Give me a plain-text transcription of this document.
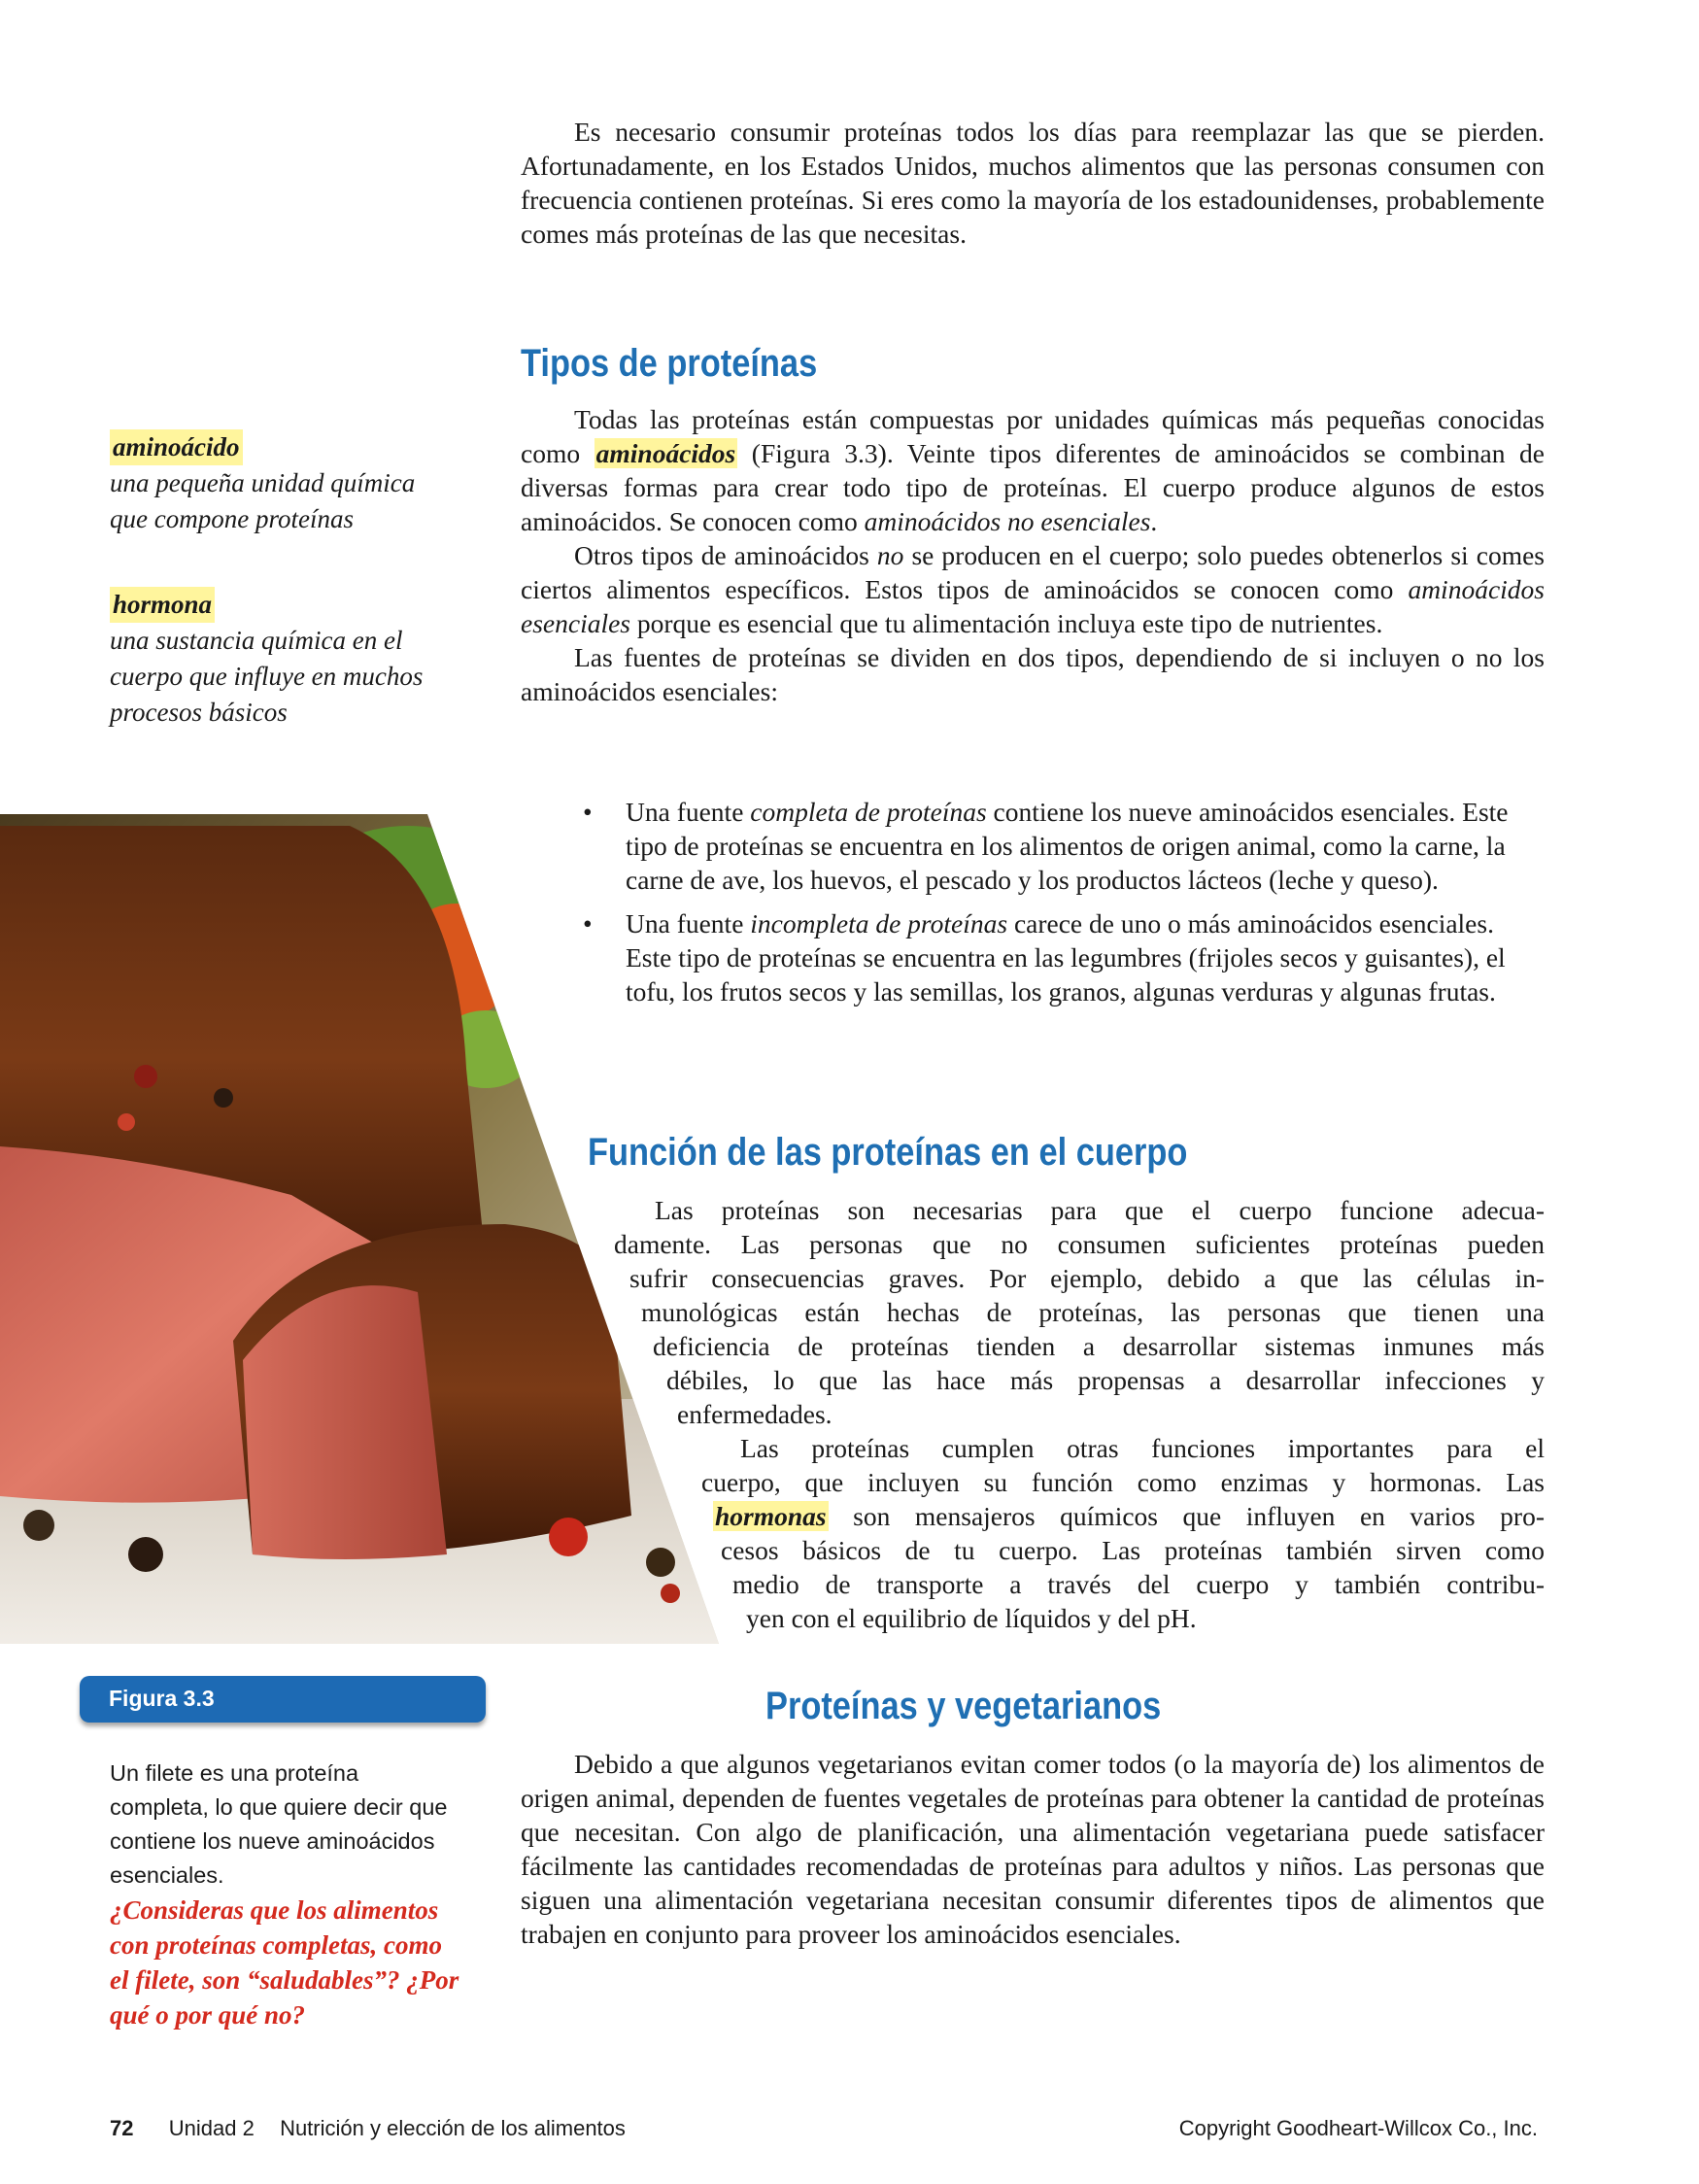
Es necesario consumir proteínas todos los días para reemplazar las que se pierden. Afortunadamente, en los Estados Unidos, muchos alimentos que las personas consumen con frecuencia contienen proteínas. Si eres como la mayoría de los estadounidenses, probablemente comes más proteínas de las que necesitas.

Tipos de proteínas

Todas las proteínas están compuestas por unidades químicas más pequeñas conocidas como aminoácidos (Figura 3.3). Veinte tipos diferentes de aminoácidos se combinan de diversas formas para crear todo tipo de proteínas. El cuerpo produce algunos de estos aminoácidos. Se conocen como aminoácidos no esenciales.

Otros tipos de aminoácidos no se producen en el cuerpo; solo puedes obtenerlos si comes ciertos alimentos específicos. Estos tipos de aminoácidos se conocen como aminoácidos esenciales porque es esencial que tu alimentación incluya este tipo de nutrientes.

Las fuentes de proteínas se dividen en dos tipos, dependiendo de si incluyen o no los aminoácidos esenciales:

• Una fuente completa de proteínas contiene los nueve aminoácidos esenciales. Este tipo de proteínas se encuentra en los alimentos de origen animal, como la carne, la carne de ave, los huevos, el pescado y los productos lácteos (leche y queso).
• Una fuente incompleta de proteínas carece de uno o más aminoácidos esenciales. Este tipo de proteínas se encuentra en las legumbres (frijoles secos y guisantes), el tofu, los frutos secos y las semillas, los granos, algunas verduras y algunas frutas.
aminoácido
una pequeña unidad química que compone proteínas
hormona
una sustancia química en el cuerpo que influye en muchos procesos básicos
Función de las proteínas en el cuerpo

Las proteínas son necesarias para que el cuerpo funcione adecua-

damente. Las personas que no consumen suficientes proteínas pueden

sufrir consecuencias graves. Por ejemplo, debido a que las células in-

munológicas están hechas de proteínas, las personas que tienen una

deficiencia de proteínas tienden a desarrollar sistemas inmunes más

débiles, lo que las hace más propensas a desarrollar infecciones y

enfermedades.

Las proteínas cumplen otras funciones importantes para el

cuerpo, que incluyen su función como enzimas y hormonas. Las

hormonas son mensajeros químicos que influyen en varios pro-

cesos básicos de tu cuerpo. Las proteínas también sirven como

medio de transporte a través del cuerpo y también contribu-

yen con el equilibrio de líquidos y del pH.

Proteínas y vegetarianos

Debido a que algunos vegetarianos evitan comer todos (o la mayoría de) los alimentos de origen animal, dependen de fuentes vegetales de proteínas para obtener la cantidad de proteínas que necesitan. Con algo de planificación, una alimentación vegetariana puede satisfacer fácilmente las cantidades recomendadas de proteínas para adultos y niños. Las personas que siguen una alimentación vegetariana necesitan consumir diferentes tipos de alimentos que trabajen en conjunto para proveer los aminoácidos esenciales.

Figura 3.3
Un filete es una proteína completa, lo que quiere decir que contiene los nueve aminoácidos esenciales.
¿Consideras que los alimentos con proteínas completas, como el filete, son “saludables”? ¿Por qué o por qué no?
72 Unidad 2 Nutrición y elección de los alimentos	Copyright Goodheart-Willcox Co., Inc.
